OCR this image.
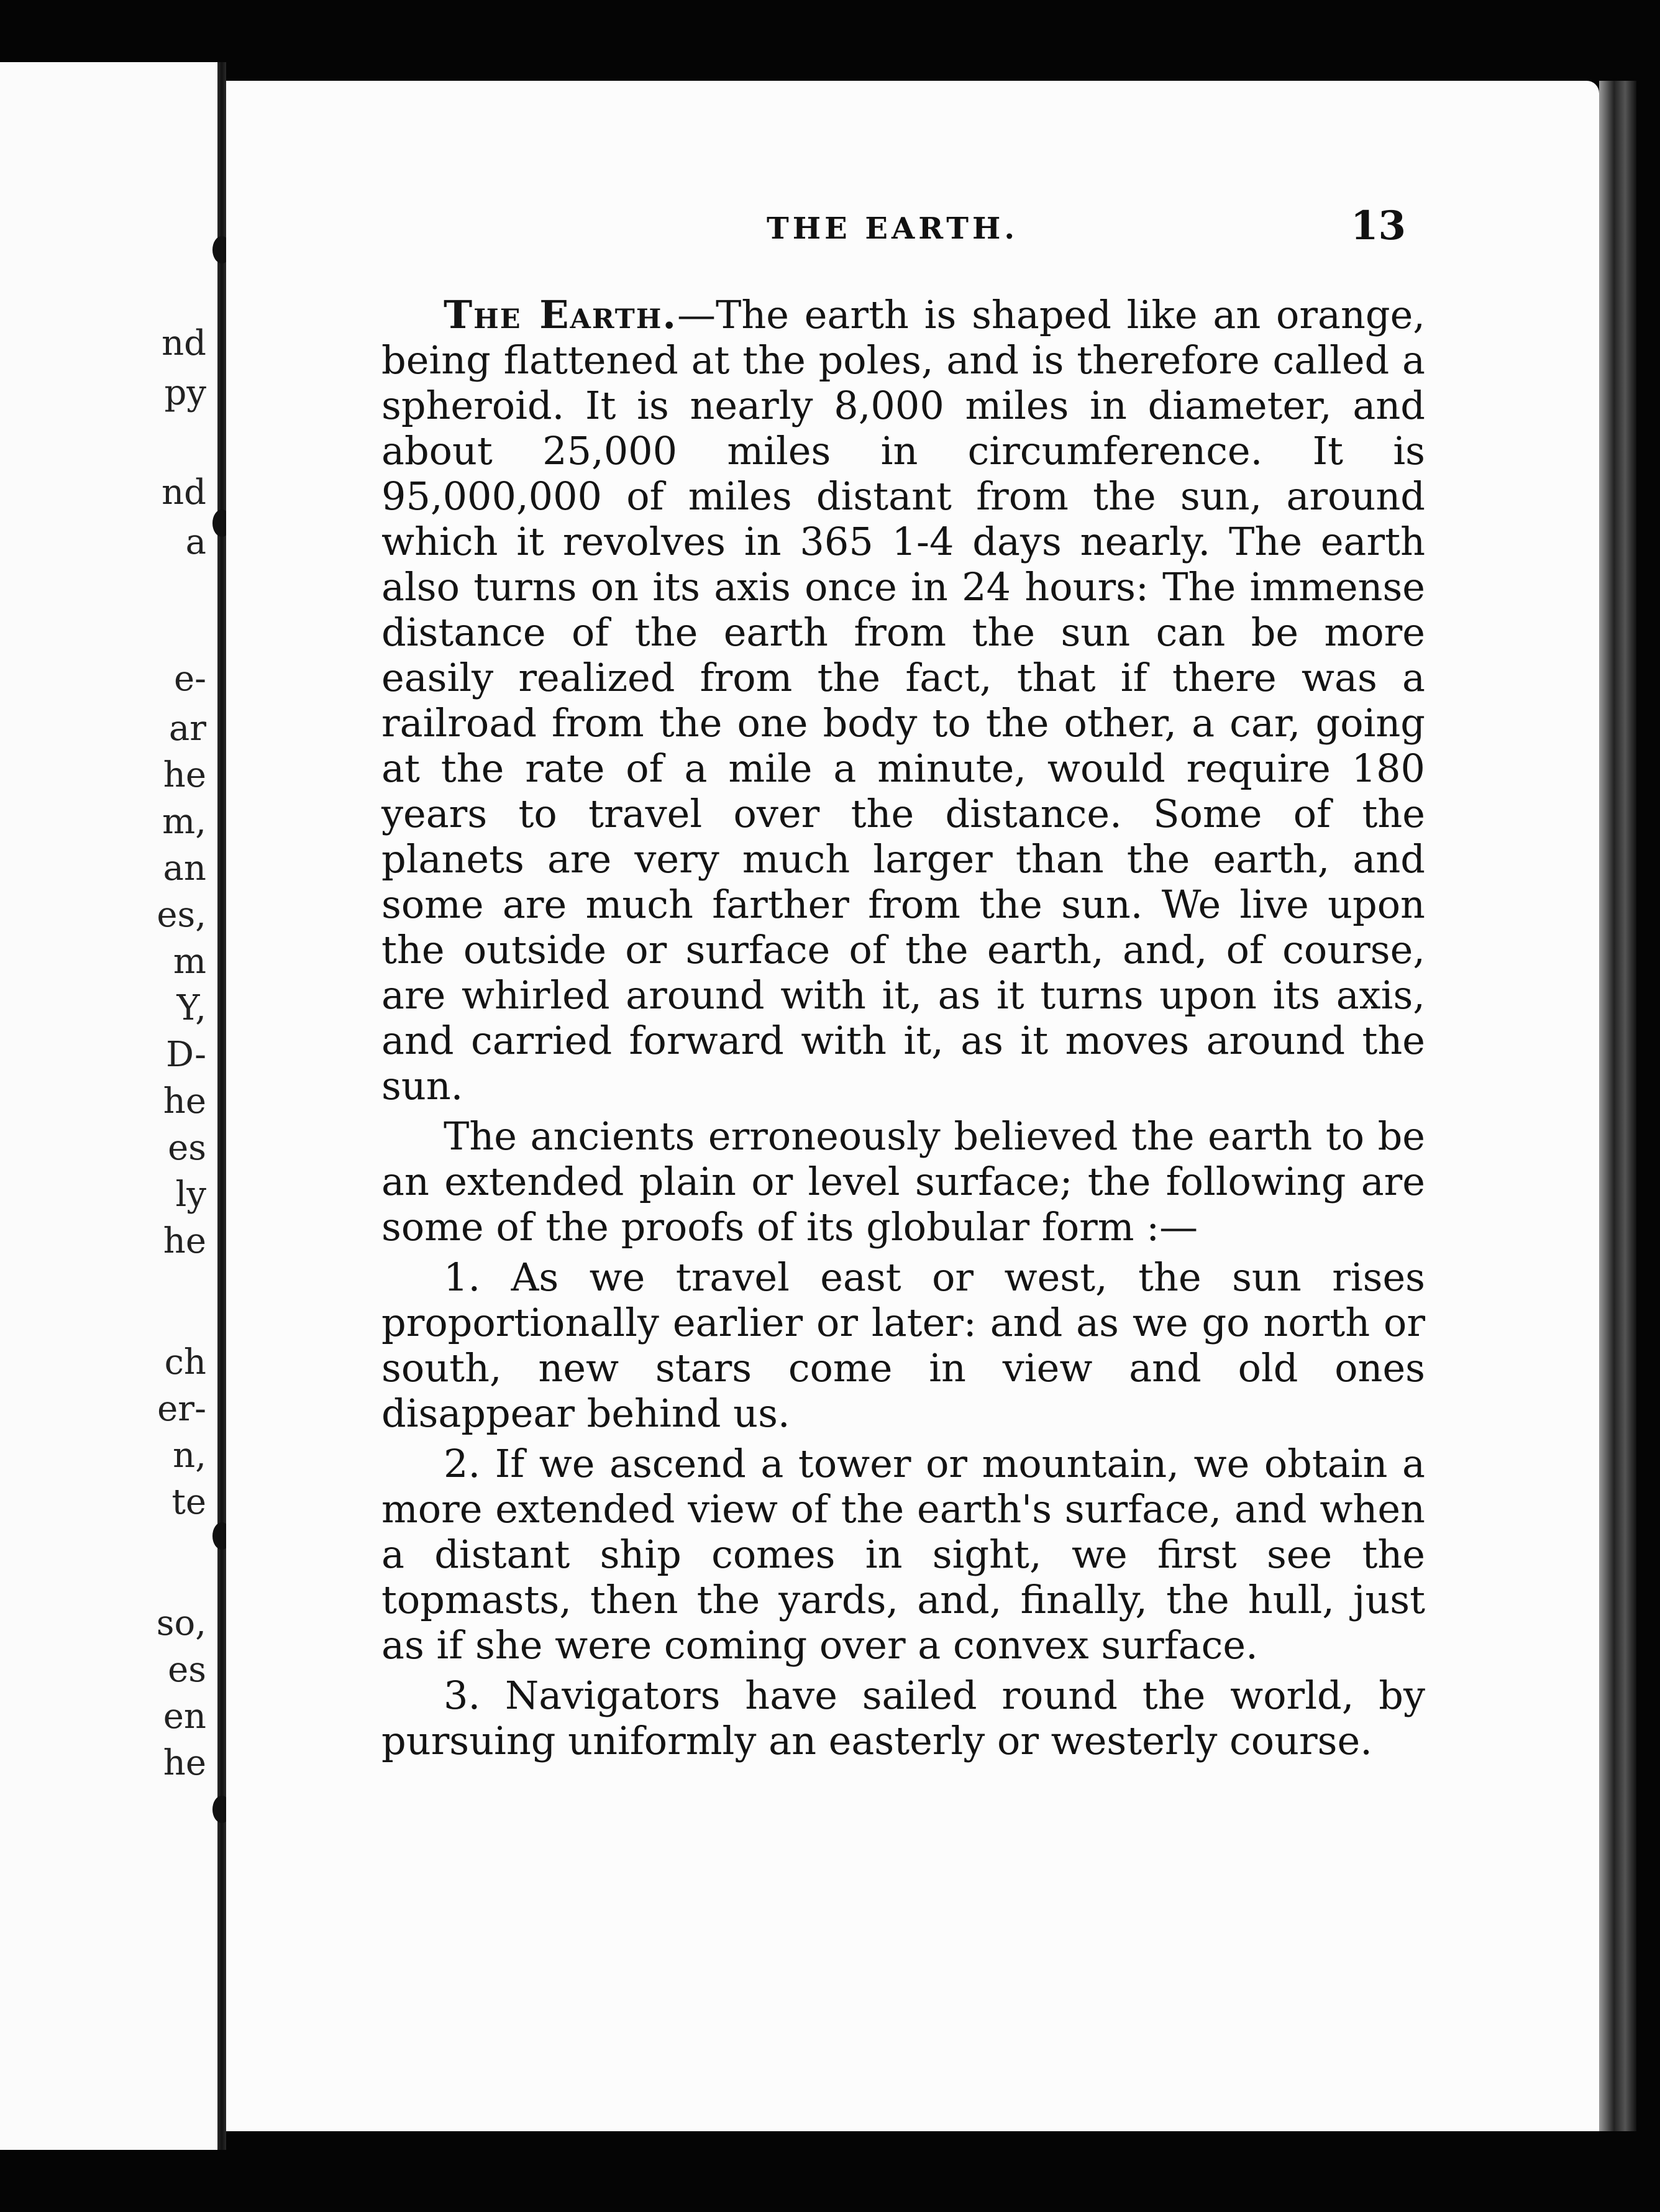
nd
py
nd
a
e-
ar
he
m,
an
es,
m
Y,
D-
he
es
ly
he
ch
er-
n,
te
so,
es
en
he
THE EARTH.	13

The Earth.—The earth is shaped like an orange, being flattened at the poles, and is therefore called a spheroid. It is nearly 8,000 miles in diameter, and about 25,000 miles in circumference. It is 95,000,000 of miles distant from the sun, around which it revolves in 365 1-4 days nearly. The earth also turns on its axis once in 24 hours: The immense distance of the earth from the sun can be more easily realized from the fact, that if there was a railroad from the one body to the other, a car, going at the rate of a mile a minute, would require 180 years to travel over the distance. Some of the planets are very much larger than the earth, and some are much farther from the sun. We live upon the outside or surface of the earth, and, of course, are whirled around with it, as it turns upon its axis, and carried forward with it, as it moves around the sun.

The ancients erroneously believed the earth to be an extended plain or level surface; the following are some of the proofs of its globular form :—

1. As we travel east or west, the sun rises proportionally earlier or later: and as we go north or south, new stars come in view and old ones disappear behind us.

2. If we ascend a tower or mountain, we obtain a more extended view of the earth's surface, and when a distant ship comes in sight, we first see the topmasts, then the yards, and, finally, the hull, just as if she were coming over a convex surface.

3. Navigators have sailed round the world, by pursuing uniformly an easterly or westerly course.
